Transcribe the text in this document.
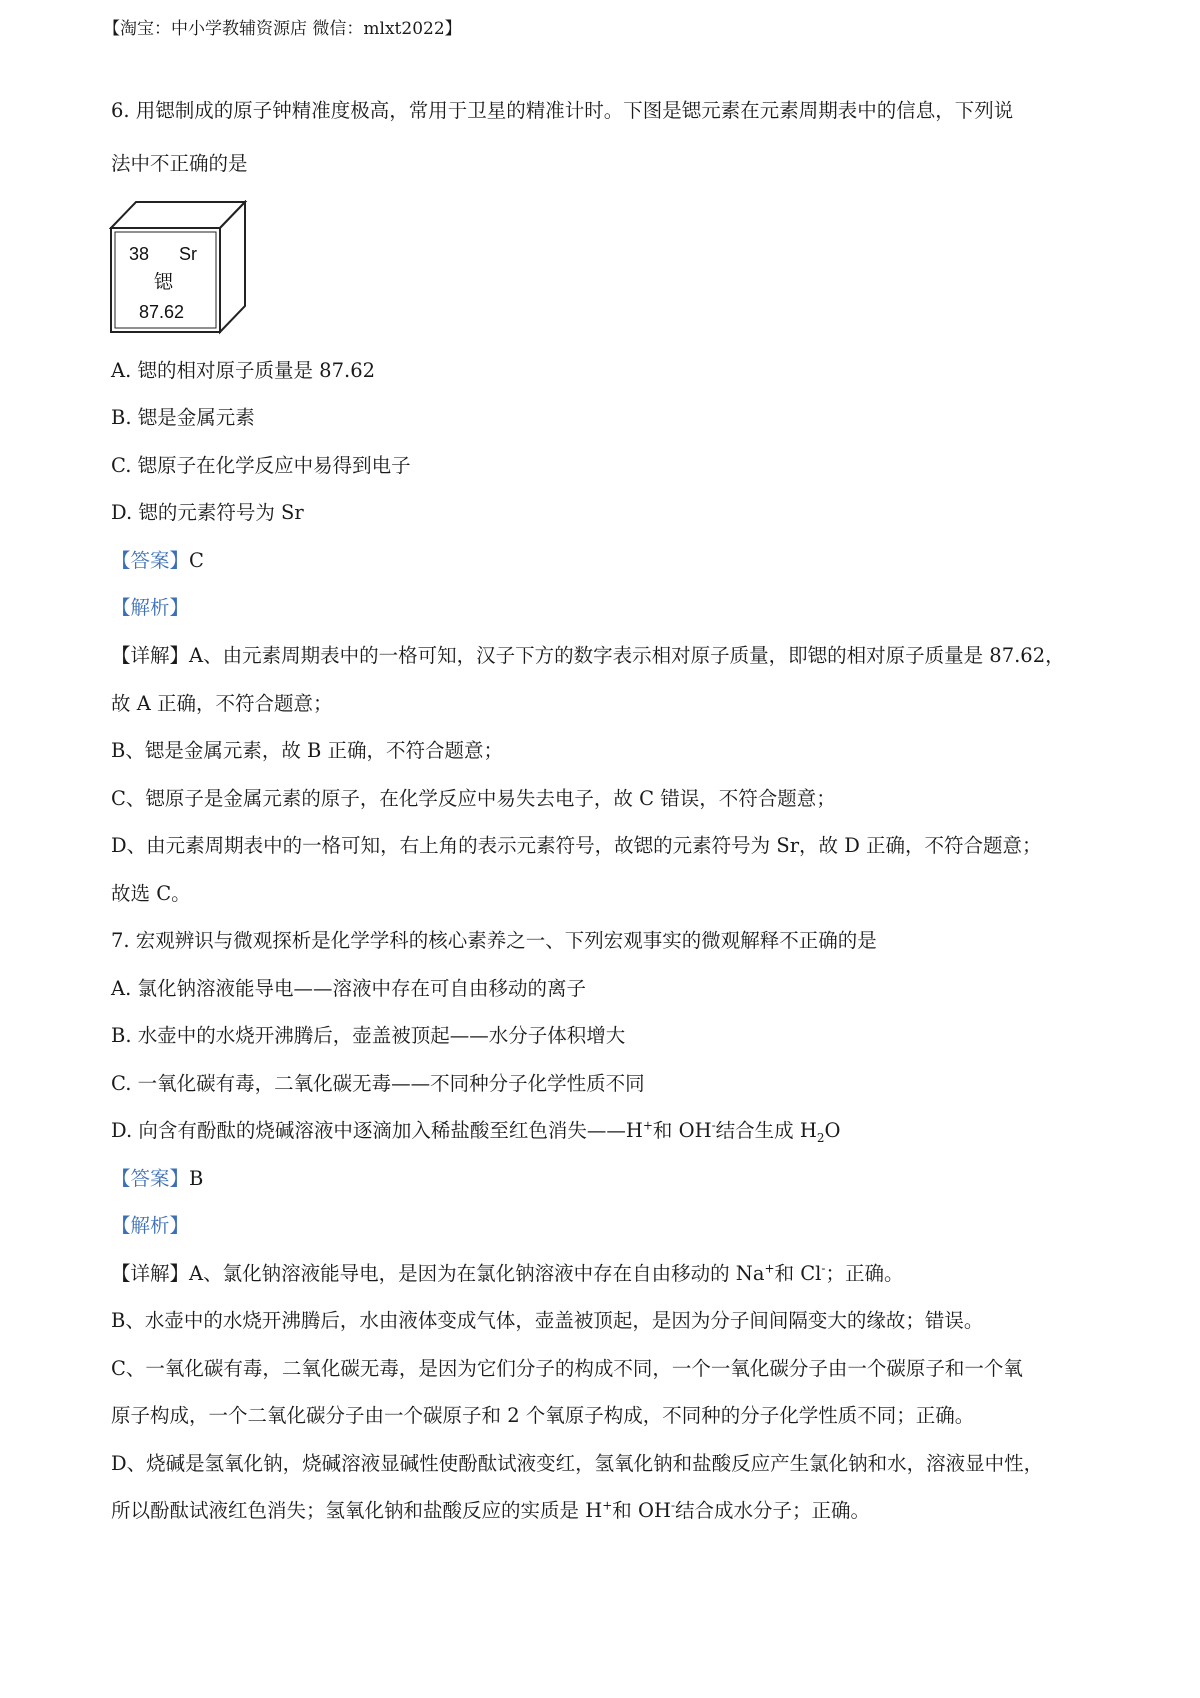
【淘宝：中小学教辅资源店 微信：mlxt2022】
6. 用锶制成的原子钟精准度极高，常用于卫星的精准计时。下图是锶元素在元素周期表中的信息，下列说
法中不正确的是
38 Sr
锶
87.62
A. 锶的相对原子质量是 87.62
B. 锶是金属元素
C. 锶原子在化学反应中易得到电子
D. 锶的元素符号为 Sr
【答案】C
【解析】
【详解】A、由元素周期表中的一格可知，汉子下方的数字表示相对原子质量，即锶的相对原子质量是 87.62，
故 A 正确，不符合题意；
B、锶是金属元素，故 B 正确，不符合题意；
C、锶原子是金属元素的原子，在化学反应中易失去电子，故 C 错误，不符合题意；
D、由元素周期表中的一格可知，右上角的表示元素符号，故锶的元素符号为 Sr，故 D 正确，不符合题意；
故选 C。
7. 宏观辨识与微观探析是化学学科的核心素养之一、下列宏观事实的微观解释不正确的是
A. 氯化钠溶液能导电——溶液中存在可自由移动的离子
B. 水壶中的水烧开沸腾后，壶盖被顶起——水分子体积增大
C. 一氧化碳有毒，二氧化碳无毒——不同种分子化学性质不同
D. 向含有酚酞的烧碱溶液中逐滴加入稀盐酸至红色消失——H+和 OH-结合生成 $H_2O$
【答案】B
【解析】
【详解】A、氯化钠溶液能导电，是因为在氯化钠溶液中存在自由移动的 Na+和 Cl-；正确。
B、水壶中的水烧开沸腾后，水由液体变成气体，壶盖被顶起，是因为分子间间隔变大的缘故；错误。
C、一氧化碳有毒，二氧化碳无毒，是因为它们分子的构成不同，一个一氧化碳分子由一个碳原子和一个氧
原子构成，一个二氧化碳分子由一个碳原子和 2 个氧原子构成，不同种的分子化学性质不同；正确。
D、烧碱是氢氧化钠，烧碱溶液显碱性使酚酞试液变红，氢氧化钠和盐酸反应产生氯化钠和水，溶液显中性，
所以酚酞试液红色消失；氢氧化钠和盐酸反应的实质是 H+和 OH-结合成水分子；正确。
